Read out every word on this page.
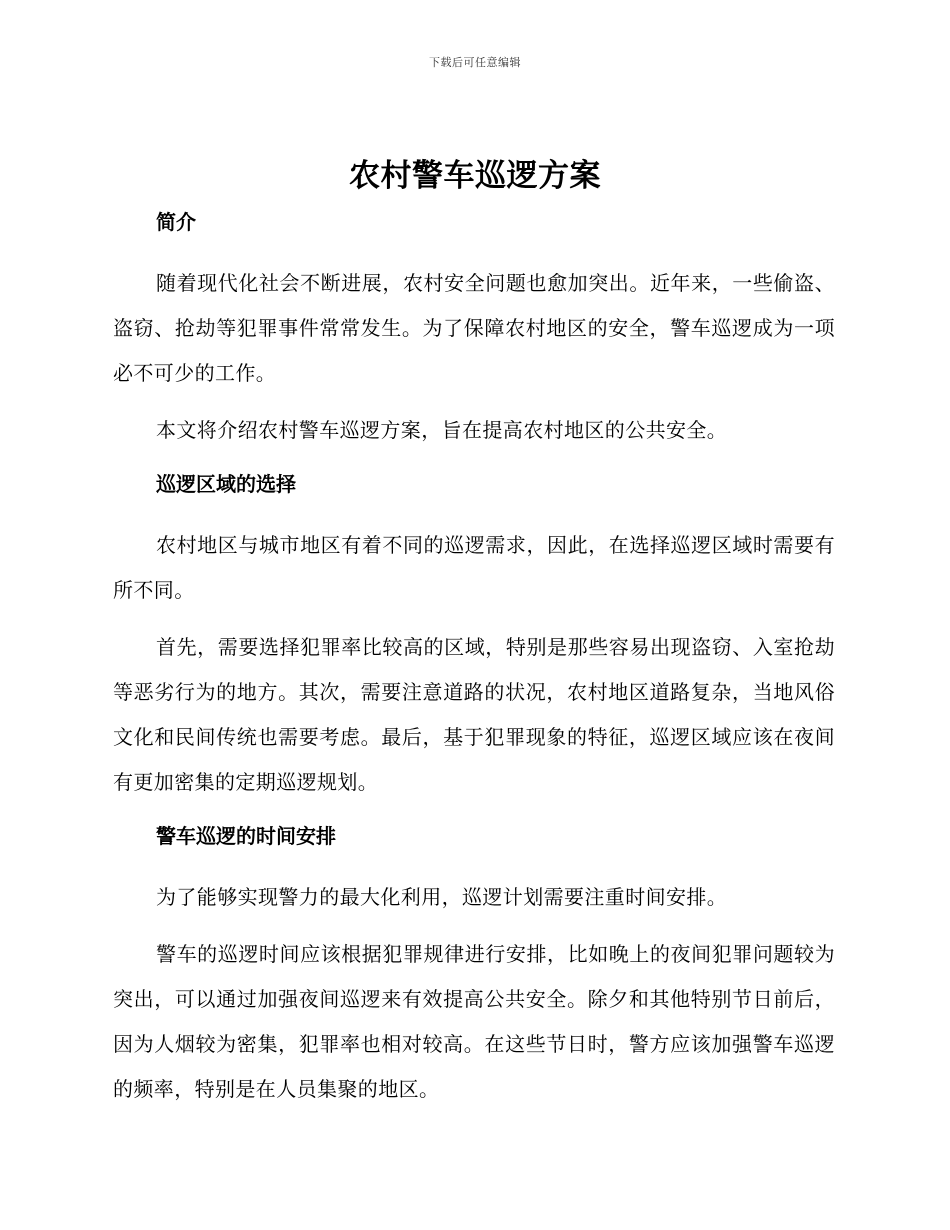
下载后可任意编辑
农村警车巡逻方案
简介

随着现代化社会不断进展，农村安全问题也愈加突出。近年来，一些偷盗、盗窃、抢劫等犯罪事件常常发生。为了保障农村地区的安全，警车巡逻成为一项必不可少的工作。

本文将介绍农村警车巡逻方案，旨在提高农村地区的公共安全。

巡逻区域的选择

农村地区与城市地区有着不同的巡逻需求，因此，在选择巡逻区域时需要有所不同。

首先，需要选择犯罪率比较高的区域，特别是那些容易出现盗窃、入室抢劫等恶劣行为的地方。其次，需要注意道路的状况，农村地区道路复杂，当地风俗文化和民间传统也需要考虑。最后，基于犯罪现象的特征，巡逻区域应该在夜间有更加密集的定期巡逻规划。

警车巡逻的时间安排

为了能够实现警力的最大化利用，巡逻计划需要注重时间安排。

警车的巡逻时间应该根据犯罪规律进行安排，比如晚上的夜间犯罪问题较为突出，可以通过加强夜间巡逻来有效提高公共安全。除夕和其他特别节日前后，因为人烟较为密集，犯罪率也相对较高。在这些节日时，警方应该加强警车巡逻的频率，特别是在人员集聚的地区。
